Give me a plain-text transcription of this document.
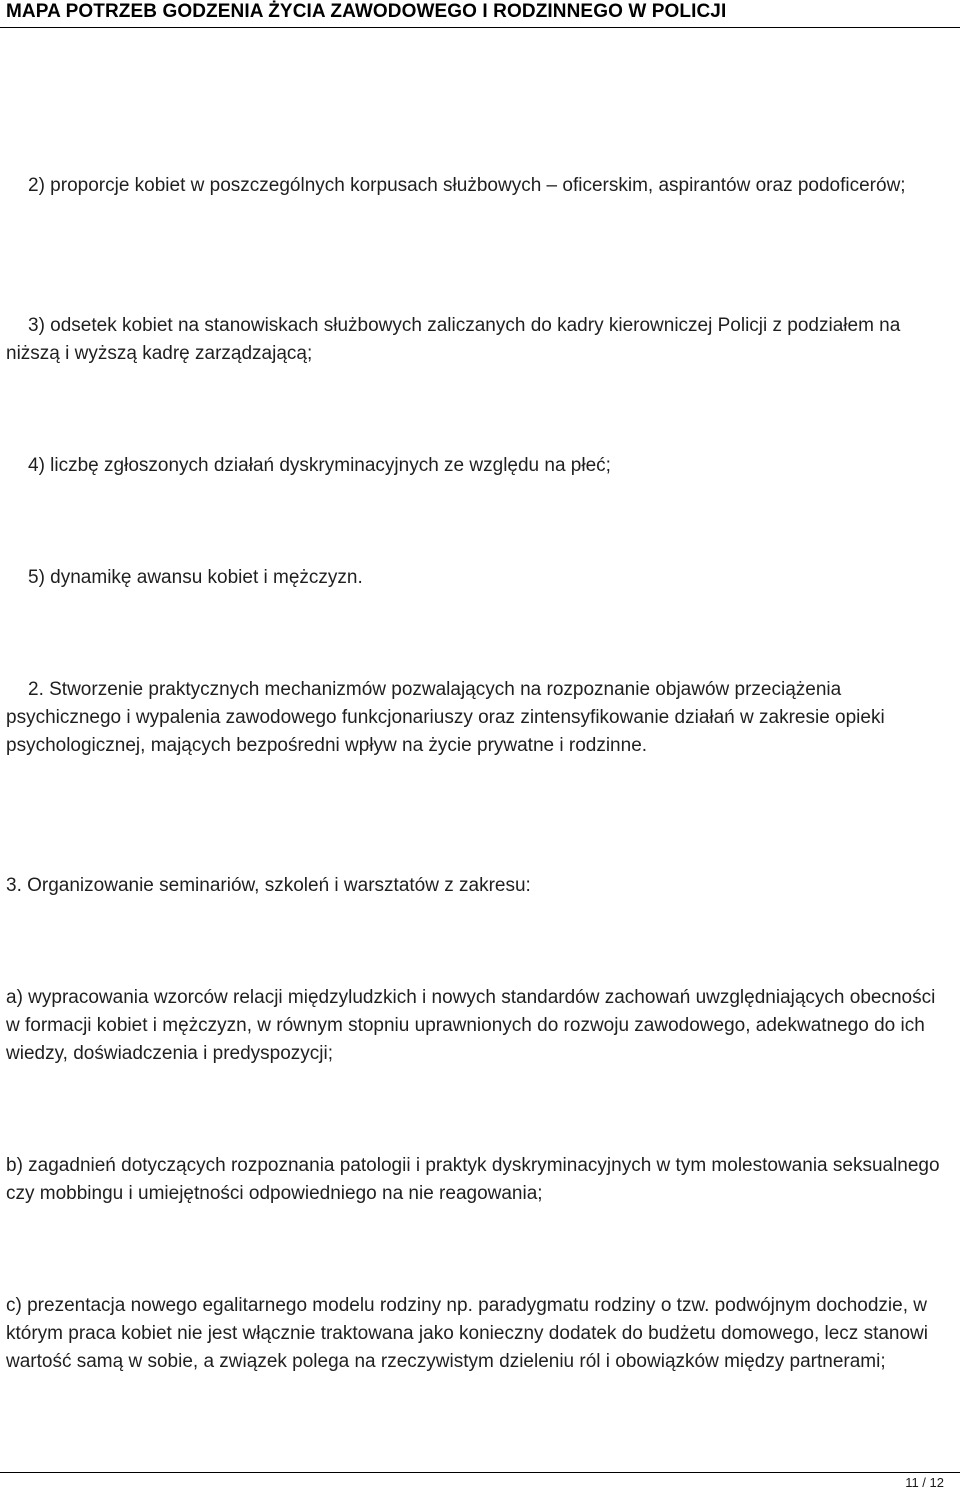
MAPA POTRZEB GODZENIA ŻYCIA ZAWODOWEGO I RODZINNEGO W POLICJI

2) proporcje kobiet w poszczególnych korpusach służbowych – oficerskim, aspirantów oraz podoficerów;

3) odsetek kobiet na stanowiskach służbowych zaliczanych do kadry kierowniczej Policji z podziałem na niższą i wyższą kadrę zarządzającą;

4) liczbę zgłoszonych działań dyskryminacyjnych ze względu na płeć;

5) dynamikę awansu kobiet i mężczyzn.

2. Stworzenie praktycznych mechanizmów pozwalających na rozpoznanie objawów przeciążenia psychicznego i wypalenia zawodowego funkcjonariuszy oraz zintensyfikowanie działań w zakresie opieki psychologicznej, mających bezpośredni wpływ na życie prywatne i rodzinne.

3. Organizowanie seminariów, szkoleń i warsztatów z zakresu:

a) wypracowania wzorców relacji międzyludzkich i nowych standardów zachowań uwzględniających obecności w formacji kobiet i mężczyzn, w równym stopniu uprawnionych do rozwoju zawodowego, adekwatnego do ich wiedzy, doświadczenia i predyspozycji;

b) zagadnień dotyczących rozpoznania patologii i praktyk dyskryminacyjnych w tym molestowania seksualnego czy mobbingu i umiejętności odpowiedniego na nie reagowania;

c) prezentacja nowego egalitarnego modelu rodziny np. paradygmatu rodziny o tzw. podwójnym dochodzie, w którym praca kobiet nie jest włącznie traktowana jako konieczny dodatek do budżetu domowego, lecz stanowi wartość samą w sobie, a związek polega na rzeczywistym dzieleniu ról i obowiązków między partnerami;

11 / 12
